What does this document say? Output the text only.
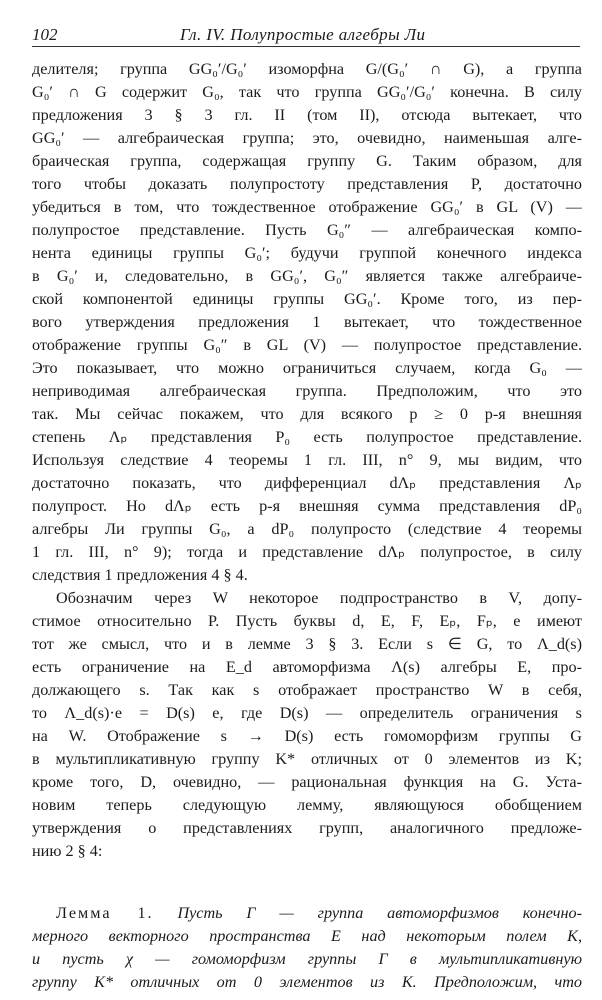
102	Гл. IV. Полупростые алгебры Ли
делителя; группа GG₀′/G₀′ изоморфна G/(G₀′ ∩ G), а группа
G₀′ ∩ G содержит G₀, так что группа GG₀′/G₀′ конечна. В силу
предложения 3 § 3 гл. II (том II), отсюда вытекает, что
GG₀′ — алгебраическая группа; это, очевидно, наименьшая алге-
браическая группа, содержащая группу G. Таким образом, для
того чтобы доказать полупростоту представления P, достаточно
убедиться в том, что тождественное отображение GG₀′ в GL (V) —
полупростое представление. Пусть G₀″ — алгебраическая компо-
нента единицы группы G₀′; будучи группой конечного индекса
в G₀′ и, следовательно, в GG₀′, G₀″ является также алгебраиче-
ской компонентой единицы группы GG₀′. Кроме того, из пер-
вого утверждения предложения 1 вытекает, что тождественное
отображение группы G₀″ в GL (V) — полупростое представление.
Это показывает, что можно ограничиться случаем, когда G₀ —
неприводимая алгебраическая группа. Предположим, что это
так. Мы сейчас покажем, что для всякого p ≥ 0 p-я внешняя
степень Λₚ представления P₀ есть полупростое представление.
Используя следствие 4 теоремы 1 гл. III, n° 9, мы видим, что
достаточно показать, что дифференциал dΛₚ представления Λₚ
полупрост. Но dΛₚ есть p-я внешняя сумма представления dP₀
алгебры Ли группы G₀, а dP₀ полупросто (следствие 4 теоремы
1 гл. III, n° 9); тогда и представление dΛₚ полупростое, в силу
следствия 1 предложения 4 § 4.
Обозначим через W некоторое подпространство в V, допу-
стимое относительно P. Пусть буквы d, E, F, Eₚ, Fₚ, e имеют
тот же смысл, что и в лемме 3 § 3. Если s ∈ G, то Λ_d(s)
есть ограничение на E_d автоморфизма Λ(s) алгебры E, про-
должающего s. Так как s отображает пространство W в себя,
то Λ_d(s)·e = D(s) e, где D(s) — определитель ограничения s
на W. Отображение s → D(s) есть гомоморфизм группы G
в мультипликативную группу K* отличных от 0 элементов из K;
кроме того, D, очевидно, — рациональная функция на G. Уста-
новим теперь следующую лемму, являющуюся обобщением
утверждения о представлениях групп, аналогичного предложе-
нию 2 § 4:
Лемма 1. Пусть Γ — группа автоморфизмов конечно-
мерного векторного пространства E над некоторым полем K,
и пусть χ — гомоморфизм группы Γ в мультипликативную
группу K* отличных от 0 элементов из K. Предположим, что
